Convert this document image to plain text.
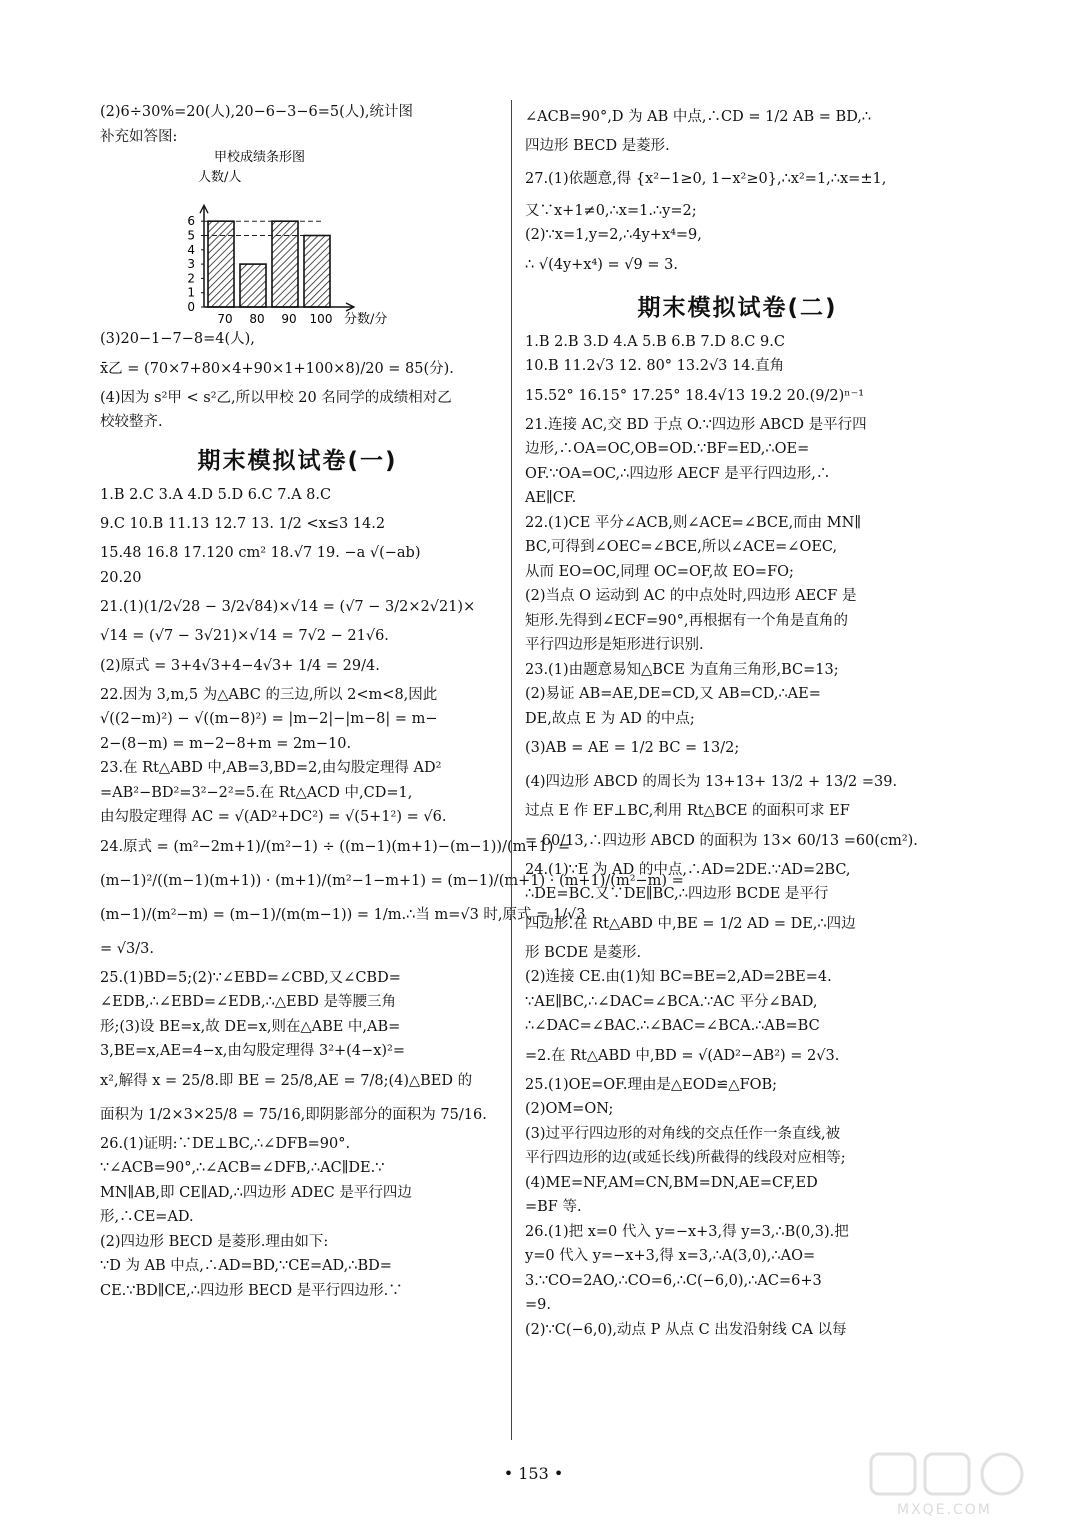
(2)6÷30%=20(人),20−6−3−6=5(人),统计图
补充如答图:
甲校成绩条形图
人数/人
0
1
2
3
4
5
6
70 80 90 100 分数/分
(3)20−1−7−8=4(人),
x̄乙 = (70×7+80×4+90×1+100×8)/20 = 85(分).
(4)因为 s²甲 < s²乙,所以甲校 20 名同学的成绩相对乙
校较整齐.
期末模拟试卷(一)
1.B 2.C 3.A 4.D 5.D 6.C 7.A 8.C
9.C 10.B 11.13 12.7 13. 1/2 <x≤3 14.2
15.48 16.8 17.120 cm² 18.√7 19. −a √(−ab)
20.20
21.(1)(1/2√28 − 3/2√84)×√14 = (√7 − 3/2×2√21)×
√14 = (√7 − 3√21)×√14 = 7√2 − 21√6.
(2)原式 = 3+4√3+4−4√3+ 1/4 = 29/4.
22.因为 3,m,5 为△ABC 的三边,所以 2<m<8,因此
√((2−m)²) − √((m−8)²) = |m−2|−|m−8| = m−
2−(8−m) = m−2−8+m = 2m−10.
23.在 Rt△ABD 中,AB=3,BD=2,由勾股定理得 AD²
=AB²−BD²=3²−2²=5.在 Rt△ACD 中,CD=1,
由勾股定理得 AC = √(AD²+DC²) = √(5+1²) = √6.
24.原式 = (m²−2m+1)/(m²−1) ÷ ((m−1)(m+1)−(m−1))/(m+1) =
(m−1)²/((m−1)(m+1)) · (m+1)/(m²−1−m+1) = (m−1)/(m+1) · (m+1)/(m²−m) =
(m−1)/(m²−m) = (m−1)/(m(m−1)) = 1/m.∴当 m=√3 时,原式 = 1/√3
= √3/3.
25.(1)BD=5;(2)∵∠EBD=∠CBD,又∠CBD=
∠EDB,∴∠EBD=∠EDB,∴△EBD 是等腰三角
形;(3)设 BE=x,故 DE=x,则在△ABE 中,AB=
3,BE=x,AE=4−x,由勾股定理得 3²+(4−x)²=
x²,解得 x = 25/8.即 BE = 25/8,AE = 7/8;(4)△BED 的
面积为 1/2×3×25/8 = 75/16,即阴影部分的面积为 75/16.
26.(1)证明:∵DE⊥BC,∴∠DFB=90°.
∵∠ACB=90°,∴∠ACB=∠DFB,∴AC∥DE.∵
MN∥AB,即 CE∥AD,∴四边形 ADEC 是平行四边
形,∴CE=AD.
(2)四边形 BECD 是菱形.理由如下:
∵D 为 AB 中点,∴AD=BD,∵CE=AD,∴BD=
CE.∵BD∥CE,∴四边形 BECD 是平行四边形.∵
∠ACB=90°,D 为 AB 中点,∴CD = 1/2 AB = BD,∴
四边形 BECD 是菱形.
27.(1)依题意,得 {x²−1≥0, 1−x²≥0},∴x²=1,∴x=±1,
又∵x+1≠0,∴x=1.∴y=2;
(2)∵x=1,y=2,∴4y+x⁴=9,
∴ √(4y+x⁴) = √9 = 3.
期末模拟试卷(二)
1.B 2.B 3.D 4.A 5.B 6.B 7.D 8.C 9.C
10.B 11.2√3 12. 80° 13.2√3 14.直角
15.52° 16.15° 17.25° 18.4√13 19.2 20.(9/2)ⁿ⁻¹
21.连接 AC,交 BD 于点 O.∵四边形 ABCD 是平行四
边形,∴OA=OC,OB=OD.∵BF=ED,∴OE=
OF.∵OA=OC,∴四边形 AECF 是平行四边形,∴
AE∥CF.
22.(1)CE 平分∠ACB,则∠ACE=∠BCE,而由 MN∥
BC,可得到∠OEC=∠BCE,所以∠ACE=∠OEC,
从而 EO=OC,同理 OC=OF,故 EO=FO;
(2)当点 O 运动到 AC 的中点处时,四边形 AECF 是
矩形.先得到∠ECF=90°,再根据有一个角是直角的
平行四边形是矩形进行识别.
23.(1)由题意易知△BCE 为直角三角形,BC=13;
(2)易证 AB=AE,DE=CD,又 AB=CD,∴AE=
DE,故点 E 为 AD 的中点;
(3)AB = AE = 1/2 BC = 13/2;
(4)四边形 ABCD 的周长为 13+13+ 13/2 + 13/2 =39.
过点 E 作 EF⊥BC,利用 Rt△BCE 的面积可求 EF
= 60/13,∴四边形 ABCD 的面积为 13× 60/13 =60(cm²).
24.(1)∵E 为 AD 的中点,∴AD=2DE.∵AD=2BC,
∴DE=BC.又∵DE∥BC,∴四边形 BCDE 是平行
四边形.在 Rt△ABD 中,BE = 1/2 AD = DE,∴四边
形 BCDE 是菱形.
(2)连接 CE.由(1)知 BC=BE=2,AD=2BE=4.
∵AE∥BC,∴∠DAC=∠BCA.∵AC 平分∠BAD,
∴∠DAC=∠BAC.∴∠BAC=∠BCA.∴AB=BC
=2.在 Rt△ABD 中,BD = √(AD²−AB²) = 2√3.
25.(1)OE=OF.理由是△EOD≌△FOB;
(2)OM=ON;
(3)过平行四边形的对角线的交点任作一条直线,被
平行四边形的边(或延长线)所截得的线段对应相等;
(4)ME=NF,AM=CN,BM=DN,AE=CF,ED
=BF 等.
26.(1)把 x=0 代入 y=−x+3,得 y=3,∴B(0,3).把
y=0 代入 y=−x+3,得 x=3,∴A(3,0),∴AO=
3.∵CO=2AO,∴CO=6,∴C(−6,0),∴AC=6+3
=9.
(2)∵C(−6,0),动点 P 从点 C 出发沿射线 CA 以每
• 153 •
MXQE.COM
